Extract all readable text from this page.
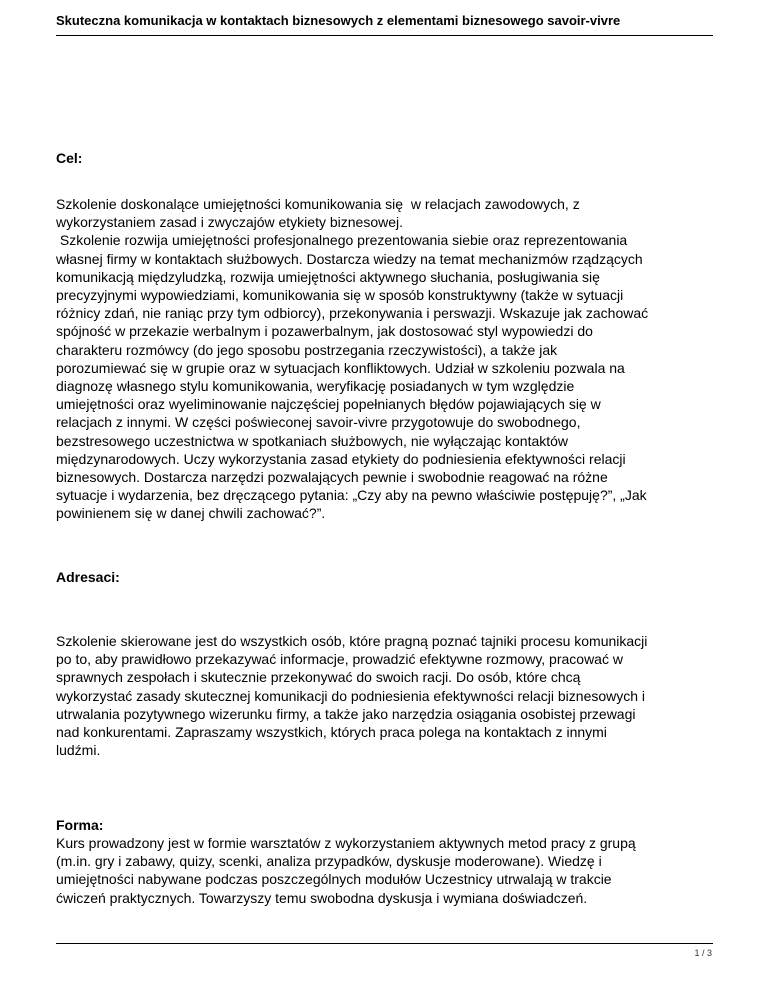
Skuteczna komunikacja w kontaktach biznesowych z elementami biznesowego savoir-vivre
Cel:
Szkolenie doskonalące umiejętności komunikowania się  w relacjach zawodowych, z
wykorzystaniem zasad i zwyczajów etykiety biznesowej.
Szkolenie rozwija umiejętności profesjonalnego prezentowania siebie oraz reprezentowania
własnej firmy w kontaktach służbowych. Dostarcza wiedzy na temat mechanizmów rządzących
komunikacją międzyludzką, rozwija umiejętności aktywnego słuchania, posługiwania się
precyzyjnymi wypowiedziami, komunikowania się w sposób konstruktywny (także w sytuacji
różnicy zdań, nie raniąc przy tym odbiorcy), przekonywania i perswazji. Wskazuje jak zachować
spójność w przekazie werbalnym i pozawerbalnym, jak dostosować styl wypowiedzi do
charakteru rozmówcy (do jego sposobu postrzegania rzeczywistości), a także jak
porozumiewać się w grupie oraz w sytuacjach konfliktowych. Udział w szkoleniu pozwala na
diagnozę własnego stylu komunikowania, weryfikację posiadanych w tym względzie
umiejętności oraz wyeliminowanie najczęściej popełnianych błędów pojawiających się w
relacjach z innymi. W części poświeconej savoir-vivre przygotowuje do swobodnego,
bezstresowego uczestnictwa w spotkaniach służbowych, nie wyłączając kontaktów
międzynarodowych. Uczy wykorzystania zasad etykiety do podniesienia efektywności relacji
biznesowych. Dostarcza narzędzi pozwalających pewnie i swobodnie reagować na różne
sytuacje i wydarzenia, bez dręczącego pytania: „Czy aby na pewno właściwie postępuję?”, „Jak
powinienem się w danej chwili zachować?”.
Adresaci:
Szkolenie skierowane jest do wszystkich osób, które pragną poznać tajniki procesu komunikacji
po to, aby prawidłowo przekazywać informacje, prowadzić efektywne rozmowy, pracować w
sprawnych zespołach i skutecznie przekonywać do swoich racji. Do osób, które chcą
wykorzystać zasady skutecznej komunikacji do podniesienia efektywności relacji biznesowych i
utrwalania pozytywnego wizerunku firmy, a także jako narzędzia osiągania osobistej przewagi
nad konkurentami. Zapraszamy wszystkich, których praca polega na kontaktach z innymi
ludźmi.
Forma:
Kurs prowadzony jest w formie warsztatów z wykorzystaniem aktywnych metod pracy z grupą
(m.in. gry i zabawy, quizy, scenki, analiza przypadków, dyskusje moderowane). Wiedzę i
umiejętności nabywane podczas poszczególnych modułów Uczestnicy utrwalają w trakcie
ćwiczeń praktycznych. Towarzyszy temu swobodna dyskusja i wymiana doświadczeń.
1 / 3
